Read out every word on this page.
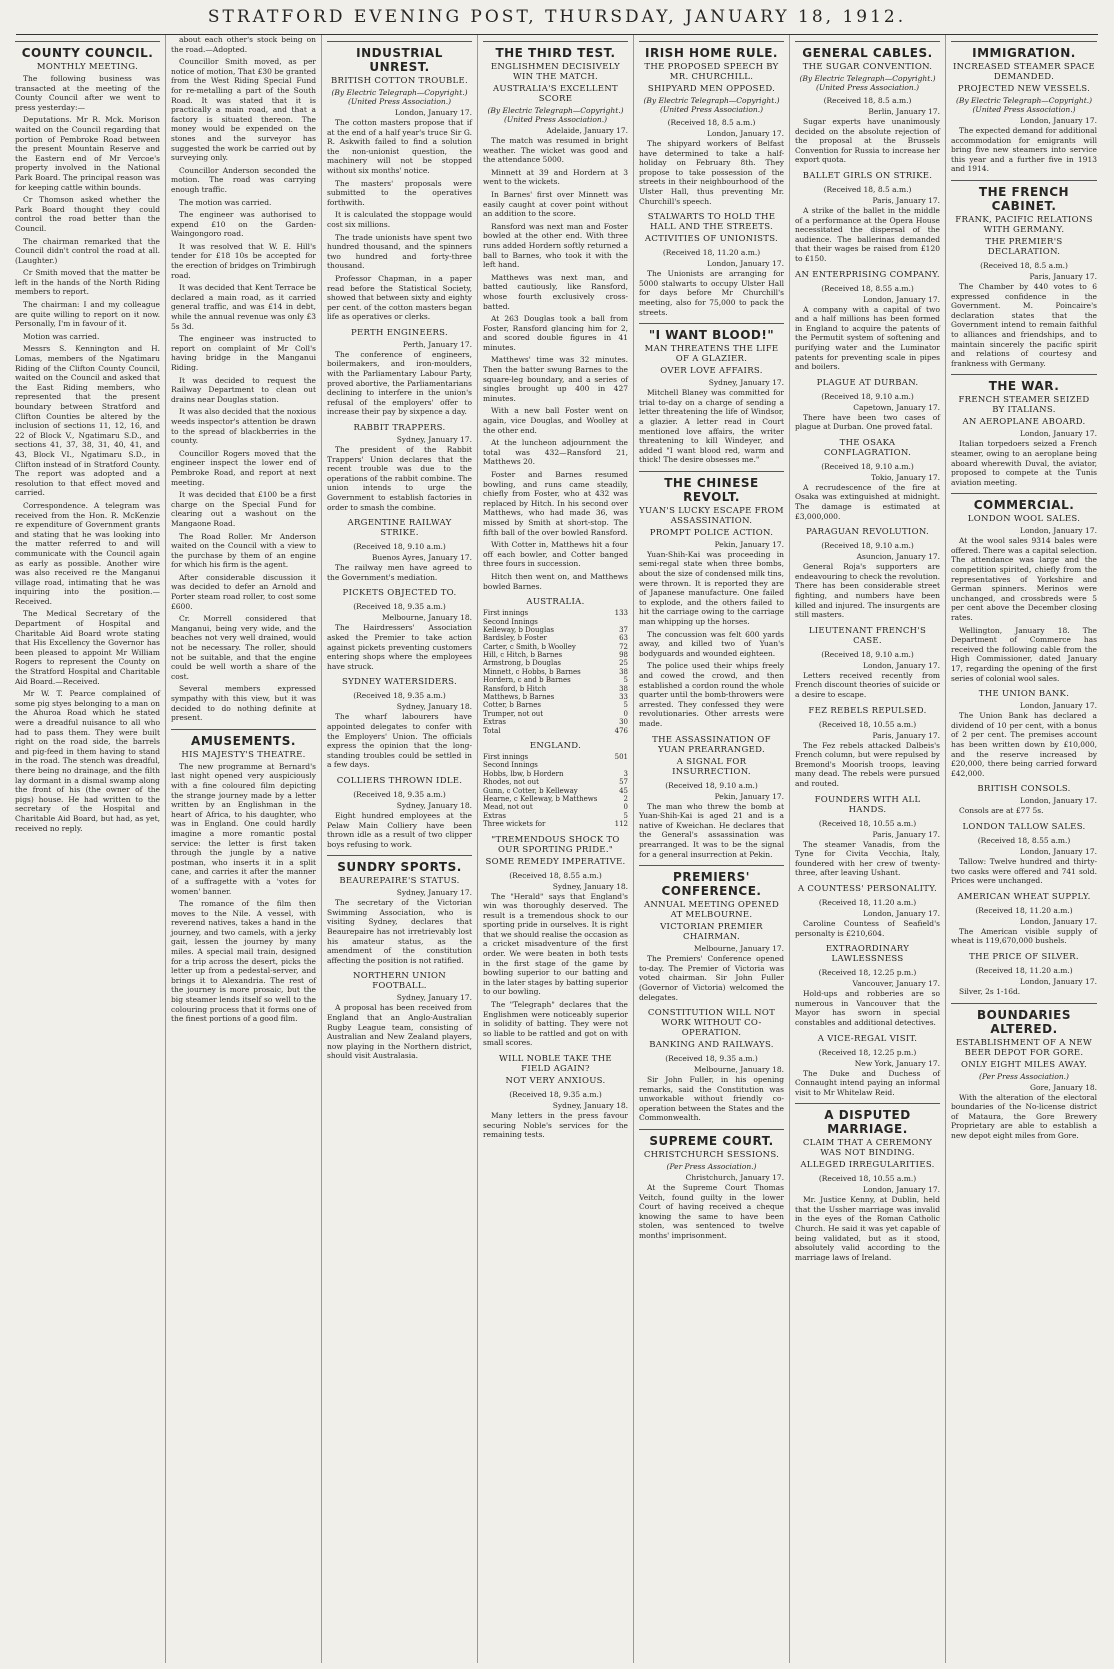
STRATFORD EVENING POST, THURSDAY, JANUARY 18, 1912.
COUNTY COUNCIL.
MONTHLY MEETING.

The following business was transacted at the meeting of the County Council after we went to press yesterday:—

Deputations. Mr R. Mck. Morison waited on the Council regarding that portion of Pembroke Road between the present Mountain Reserve and the Eastern end of Mr Vercoe's property involved in the National Park Board. The principal reason was for keeping cattle within bounds.

Cr Thomson asked whether the Park Board thought they could control the road better than the Council.

The chairman remarked that the Council didn't control the road at all. (Laughter.)

Cr Smith moved that the matter be left in the hands of the North Riding members to report.

The chairman: I and my colleague are quite willing to report on it now. Personally, I'm in favour of it.

Motion was carried.

Messrs S. Kennington and H. Lomas, members of the Ngatimaru Riding of the Clifton County Council, waited on the Council and asked that the East Riding members, who represented that the present boundary between Stratford and Clifton Counties be altered by the inclusion of sections 11, 12, 16, and 22 of Block V., Ngatimaru S.D., and sections 41, 37, 38, 31, 40, 41, and 43, Block VI., Ngatimaru S.D., in Clifton instead of in Stratford County. The report was adopted and a resolution to that effect moved and carried.

Correspondence. A telegram was received from the Hon. R. McKenzie re expenditure of Government grants and stating that he was looking into the matter referred to and will communicate with the Council again as early as possible. Another wire was also received re the Manganui village road, intimating that he was inquiring into the position.—Received.

The Medical Secretary of the Department of Hospital and Charitable Aid Board wrote stating that His Excellency the Governor has been pleased to appoint Mr William Rogers to represent the County on the Stratford Hospital and Charitable Aid Board.—Received.

Mr W. T. Pearce complained of some pig styes belonging to a man on the Ahuroa Road which he stated were a dreadful nuisance to all who had to pass them. They were built right on the road side, the barrels and pig-feed in them having to stand in the road. The stench was dreadful, there being no drainage, and the filth lay dormant in a dismal swamp along the front of his (the owner of the pigs) house. He had written to the secretary of the Hospital and Charitable Aid Board, but had, as yet, received no reply.

about each other's stock being on the road.—Adopted.

Councillor Smith moved, as per notice of motion, That £30 be granted from the West Riding Special Fund for re-metalling a part of the South Road. It was stated that it is practically a main road, and that a factory is situated thereon. The money would be expended on the stones and the surveyor has suggested the work be carried out by surveying only.

Councillor Anderson seconded the motion. The road was carrying enough traffic.

The motion was carried.

The engineer was authorised to expend £10 on the Garden-Waingongoro road.

It was resolved that W. E. Hill's tender for £18 10s be accepted for the erection of bridges on Trimbirugh road.

It was decided that Kent Terrace be declared a main road, as it carried general traffic, and was £14 in debt, while the annual revenue was only £3 5s 3d.

The engineer was instructed to report on complaint of Mr Coll's having bridge in the Manganui Riding.

It was decided to request the Railway Department to clean out drains near Douglas station.

It was also decided that the noxious weeds inspector's attention be drawn to the spread of blackberries in the county.

Councillor Rogers moved that the engineer inspect the lower end of Pembroke Road, and report at next meeting.

It was decided that £100 be a first charge on the Special Fund for clearing out a washout on the Mangaone Road.

The Road Roller. Mr Anderson waited on the Council with a view to the purchase by them of an engine for which his firm is the agent.

After considerable discussion it was decided to defer an Arnold and Porter steam road roller, to cost some £600.

Cr. Morrell considered that Manganui, being very wide, and the beaches not very well drained, would not be necessary. The roller, should not be suitable, and that the engine could be well worth a share of the cost.

Several members expressed sympathy with this view, but it was decided to do nothing definite at present.

AMUSEMENTS.
HIS MAJESTY'S THEATRE.

The new programme at Bernard's last night opened very auspiciously with a fine coloured film depicting the strange journey made by a letter written by an Englishman in the heart of Africa, to his daughter, who was in England. One could hardly imagine a more romantic postal service: the letter is first taken through the jungle by a native postman, who inserts it in a split cane, and carries it after the manner of a suffragette with a 'votes for women' banner.

The romance of the film then moves to the Nile. A vessel, with reverend natives, takes a hand in the journey, and two camels, with a jerky gait, lessen the journey by many miles. A special mail train, designed for a trip across the desert, picks the letter up from a pedestal-server, and brings it to Alexandria. The rest of the journey is more prosaic, but the big steamer lends itself so well to the colouring process that it forms one of the finest portions of a good film.

INDUSTRIAL UNREST.
BRITISH COTTON TROUBLE.
(By Electric Telegraph—Copyright.) (United Press Association.)
London, January 17.

The cotton masters propose that if at the end of a half year's truce Sir G. R. Askwith failed to find a solution the non-unionist question, the machinery will not be stopped without six months' notice.

The masters' proposals were submitted to the operatives forthwith.

It is calculated the stoppage would cost six millions.

The trade unionists have spent two hundred thousand, and the spinners two hundred and forty-three thousand.

Professor Chapman, in a paper read before the Statistical Society, showed that between sixty and eighty per cent. of the cotton masters began life as operatives or clerks.

PERTH ENGINEERS.
Perth, January 17.

The conference of engineers, boilermakers, and iron-moulders, with the Parliamentary Labour Party, proved abortive, the Parliamentarians declining to interfere in the union's refusal of the employers' offer to increase their pay by sixpence a day.

RABBIT TRAPPERS.
Sydney, January 17.

The president of the Rabbit Trappers' Union declares that the recent trouble was due to the operations of the rabbit combine. The union intends to urge the Government to establish factories in order to smash the combine.

ARGENTINE RAILWAY STRIKE.
(Received 18, 9.10 a.m.)
Buenos Ayres, January 17.

The railway men have agreed to the Government's mediation.

PICKETS OBJECTED TO.
(Received 18, 9.35 a.m.)
Melbourne, January 18.

The Hairdressers' Association asked the Premier to take action against pickets preventing customers entering shops where the employees have struck.

SYDNEY WATERSIDERS.
(Received 18, 9.35 a.m.)
Sydney, January 18.

The wharf labourers have appointed delegates to confer with the Employers' Union. The officials express the opinion that the long-standing troubles could be settled in a few days.

COLLIERS THROWN IDLE.
(Received 18, 9.35 a.m.)
Sydney, January 18.

Eight hundred employees at the Pelaw Main Colliery have been thrown idle as a result of two clipper boys refusing to work.

SUNDRY SPORTS.
BEAUREPAIRE'S STATUS.
Sydney, January 17.

The secretary of the Victorian Swimming Association, who is visiting Sydney, declares that Beaurepaire has not irretrievably lost his amateur status, as the amendment of the constitution affecting the position is not ratified.

NORTHERN UNION FOOTBALL.
Sydney, January 17.

A proposal has been received from England that an Anglo-Australian Rugby League team, consisting of Australian and New Zealand players, now playing in the Northern district, should visit Australasia.

THE THIRD TEST.
ENGLISHMEN DECISIVELY WIN THE MATCH.
AUSTRALIA'S EXCELLENT SCORE
(By Electric Telegraph—Copyright.) (United Press Association.)
Adelaide, January 17.

The match was resumed in bright weather. The wicket was good and the attendance 5000.

Minnett at 39 and Hordern at 3 went to the wickets.

In Barnes' first over Minnett was easily caught at cover point without an addition to the score.

Ransford was next man and Foster bowled at the other end. With three runs added Hordern softly returned a ball to Barnes, who took it with the left hand.

Matthews was next man, and batted cautiously, like Ransford, whose fourth exclusively cross-batted.

At 263 Douglas took a ball from Foster, Ransford glancing him for 2, and scored double figures in 41 minutes.

Matthews' time was 32 minutes. Then the batter swung Barnes to the square-leg boundary, and a series of singles brought up 400 in 427 minutes.

With a new ball Foster went on again, vice Douglas, and Woolley at the other end.

At the luncheon adjournment the total was 432—Ransford 21, Matthews 20.

Foster and Barnes resumed bowling, and runs came steadily, chiefly from Foster, who at 432 was replaced by Hitch. In his second over Matthews, who had made 36, was missed by Smith at short-stop. The fifth ball of the over bowled Ransford.

With Cotter in, Matthews hit a four off each bowler, and Cotter banged three fours in succession.

Hitch then went on, and Matthews bowled Barnes.

AUSTRALIA.
First innings	133
Second Innings	
Kelleway, b Douglas	37
Bardsley, b Foster	63
Carter, c Smith, b Woolley	72
Hill, c Hitch, b Barnes	98
Armstrong, b Douglas	25
Minnett, c Hobbs, b Barnes	38
Hordern, c and b Barnes	5
Ransford, b Hitch	38
Matthews, b Barnes	33
Cotter, b Barnes	5
Trumper, not out	0
Extras	30
Total	476
ENGLAND.
First innings	501
Second Innings	
Hobbs, lbw, b Hordern	3
Rhodes, not out	57
Gunn, c Cotter, b Kelleway	45
Hearne, c Kelleway, b Matthews	2
Mead, not out	0
Extras	5
Three wickets for	112
"TREMENDOUS SHOCK TO OUR SPORTING PRIDE."
SOME REMEDY IMPERATIVE.
(Received 18, 8.55 a.m.)
Sydney, January 18.

The "Herald" says that England's win was thoroughly deserved. The result is a tremendous shock to our sporting pride in ourselves. It is right that we should realise the occasion as a cricket misadventure of the first order. We were beaten in both tests in the first stage of the game by bowling superior to our batting and in the later stages by batting superior to our bowling.

The "Telegraph" declares that the Englishmen were noticeably superior in solidity of batting. They were not so liable to be rattled and got on with small scores.

WILL NOBLE TAKE THE FIELD AGAIN?
NOT VERY ANXIOUS.
(Received 18, 9.35 a.m.)
Sydney, January 18.

Many letters in the press favour securing Noble's services for the remaining tests.

IRISH HOME RULE.
THE PROPOSED SPEECH BY MR. CHURCHILL.
SHIPYARD MEN OPPOSED.
(By Electric Telegraph—Copyright.) (United Press Association.)
(Received 18, 8.5 a.m.)
London, January 17.

The shipyard workers of Belfast have determined to take a half-holiday on February 8th. They propose to take possession of the streets in their neighbourhood of the Ulster Hall, thus preventing Mr. Churchill's speech.

STALWARTS TO HOLD THE HALL AND THE STREETS.
ACTIVITIES OF UNIONISTS.
(Received 18, 11.20 a.m.)
London, January 17.

The Unionists are arranging for 5000 stalwarts to occupy Ulster Hall for days before Mr Churchill's meeting, also for 75,000 to pack the streets.

"I WANT BLOOD!"
MAN THREATENS THE LIFE OF A GLAZIER.
OVER LOVE AFFAIRS.
Sydney, January 17.

Mitchell Blaney was committed for trial to-day on a charge of sending a letter threatening the life of Windsor, a glazier. A letter read in Court mentioned love affairs, the writer threatening to kill Windeyer, and added "I want blood red, warm and thick! The desire obsesses me."

THE CHINESE REVOLT.
YUAN'S LUCKY ESCAPE FROM ASSASSINATION.
PROMPT POLICE ACTION.
Pekin, January 17.

Yuan-Shih-Kai was proceeding in semi-regal state when three bombs, about the size of condensed milk tins, were thrown. It is reported they are of Japanese manufacture. One failed to explode, and the others failed to hit the carriage owing to the carriage man whipping up the horses.

The concussion was felt 600 yards away, and killed two of Yuan's bodyguards and wounded eighteen.

The police used their whips freely and cowed the crowd, and then established a cordon round the whole quarter until the bomb-throwers were arrested. They confessed they were revolutionaries. Other arrests were made.

THE ASSASSINATION OF YUAN PREARRANGED.
A SIGNAL FOR INSURRECTION.
(Received 18, 9.10 a.m.)
Pekin, January 17.

The man who threw the bomb at Yuan-Shih-Kai is aged 21 and is a native of Kweichan. He declares that the General's assassination was prearranged. It was to be the signal for a general insurrection at Pekin.

PREMIERS' CONFERENCE.
ANNUAL MEETING OPENED AT MELBOURNE.
VICTORIAN PREMIER CHAIRMAN.
Melbourne, January 17.

The Premiers' Conference opened to-day. The Premier of Victoria was voted chairman. Sir John Fuller (Governor of Victoria) welcomed the delegates.

CONSTITUTION WILL NOT WORK WITHOUT CO-OPERATION.
BANKING AND RAILWAYS.
(Received 18, 9.35 a.m.)
Melbourne, January 18.

Sir John Fuller, in his opening remarks, said the Constitution was unworkable without friendly co-operation between the States and the Commonwealth.

SUPREME COURT.
CHRISTCHURCH SESSIONS.
(Per Press Association.)
Christchurch, January 17.

At the Supreme Court Thomas Veitch, found guilty in the lower Court of having received a cheque knowing the same to have been stolen, was sentenced to twelve months' imprisonment.

GENERAL CABLES.
THE SUGAR CONVENTION.
(By Electric Telegraph—Copyright.) (United Press Association.)
(Received 18, 8.5 a.m.)
Berlin, January 17.

Sugar experts have unanimously decided on the absolute rejection of the proposal at the Brussels Convention for Russia to increase her export quota.

BALLET GIRLS ON STRIKE.
(Received 18, 8.5 a.m.)
Paris, January 17.

A strike of the ballet in the middle of a performance at the Opera House necessitated the dispersal of the audience. The ballerinas demanded that their wages be raised from £120 to £150.

AN ENTERPRISING COMPANY.
(Received 18, 8.55 a.m.)
London, January 17.

A company with a capital of two and a half millions has been formed in England to acquire the patents of the Permutit system of softening and purifying water and the Luminator patents for preventing scale in pipes and boilers.

PLAGUE AT DURBAN.
(Received 18, 9.10 a.m.)
Capetown, January 17.

There have been two cases of plague at Durban. One proved fatal.

THE OSAKA CONFLAGRATION.
(Received 18, 9.10 a.m.)
Tokio, January 17.

A recrudescence of the fire at Osaka was extinguished at midnight. The damage is estimated at £3,000,000.

PARAGUAN REVOLUTION.
(Received 18, 9.10 a.m.)
Asuncion, January 17.

General Roja's supporters are endeavouring to check the revolution. There has been considerable street fighting, and numbers have been killed and injured. The insurgents are still masters.

LIEUTENANT FRENCH'S CASE.
(Received 18, 9.10 a.m.)
London, January 17.

Letters received recently from French discount theories of suicide or a desire to escape.

FEZ REBELS REPULSED.
(Received 18, 10.55 a.m.)
Paris, January 17.

The Fez rebels attacked Dalbeis's French column, but were repulsed by Bremond's Moorish troops, leaving many dead. The rebels were pursued and routed.

FOUNDERS WITH ALL HANDS.
(Received 18, 10.55 a.m.)
Paris, January 17.

The steamer Vanadis, from the Tyne for Civita Vecchia, Italy, foundered with her crew of twenty-three, after leaving Ushant.

A COUNTESS' PERSONALITY.
(Received 18, 11.20 a.m.)
London, January 17.

Caroline Countess of Seafield's personalty is £210,604.

EXTRAORDINARY LAWLESSNESS
(Received 18, 12.25 p.m.)
Vancouver, January 17.

Hold-ups and robberies are so numerous in Vancouver that the Mayor has sworn in special constables and additional detectives.

A VICE-REGAL VISIT.
(Received 18, 12.25 p.m.)
New York, January 17.

The Duke and Duchess of Connaught intend paying an informal visit to Mr Whitelaw Reid.

A DISPUTED MARRIAGE.
CLAIM THAT A CEREMONY WAS NOT BINDING.
ALLEGED IRREGULARITIES.
(Received 18, 10.55 a.m.)
London, January 17.

Mr. Justice Kenny, at Dublin, held that the Ussher marriage was invalid in the eyes of the Roman Catholic Church. He said it was yet capable of being validated, but as it stood, absolutely valid according to the marriage laws of Ireland.

IMMIGRATION.
INCREASED STEAMER SPACE DEMANDED.
PROJECTED NEW VESSELS.
(By Electric Telegraph—Copyright.) (United Press Association.)
London, January 17.

The expected demand for additional accommodation for emigrants will bring five new steamers into service this year and a further five in 1913 and 1914.

THE FRENCH CABINET.
FRANK, PACIFIC RELATIONS WITH GERMANY.
THE PREMIER'S DECLARATION.
(Received 18, 8.5 a.m.)
Paris, January 17.

The Chamber by 440 votes to 6 expressed confidence in the Government. M. Poincaire's declaration states that the Government intend to remain faithful to alliances and friendships, and to maintain sincerely the pacific spirit and relations of courtesy and frankness with Germany.

THE WAR.
FRENCH STEAMER SEIZED BY ITALIANS.
AN AEROPLANE ABOARD.
London, January 17.

Italian torpedoers seized a French steamer, owing to an aeroplane being aboard wherewith Duval, the aviator, proposed to compete at the Tunis aviation meeting.

COMMERCIAL.
LONDON WOOL SALES.
London, January 17.

At the wool sales 9314 bales were offered. There was a capital selection. The attendance was large and the competition spirited, chiefly from the representatives of Yorkshire and German spinners. Merinos were unchanged, and crossbreds were 5 per cent above the December closing rates.

Wellington, January 18. The Department of Commerce has received the following cable from the High Commissioner, dated January 17, regarding the opening of the first series of colonial wool sales.

THE UNION BANK.
London, January 17.

The Union Bank has declared a dividend of 10 per cent, with a bonus of 2 per cent. The premises account has been written down by £10,000, and the reserve increased by £20,000, there being carried forward £42,000.

BRITISH CONSOLS.
London, January 17.

Consols are at £77 5s.

LONDON TALLOW SALES.
(Received 18, 8.55 a.m.)
London, January 17.

Tallow: Twelve hundred and thirty-two casks were offered and 741 sold. Prices were unchanged.

AMERICAN WHEAT SUPPLY.
(Received 18, 11.20 a.m.)
London, January 17.

The American visible supply of wheat is 119,670,000 bushels.

THE PRICE OF SILVER.
(Received 18, 11.20 a.m.)
London, January 17.

Silver, 2s 1-16d.

BOUNDARIES ALTERED.
ESTABLISHMENT OF A NEW BEER DEPOT FOR GORE.
ONLY EIGHT MILES AWAY.
(Per Press Association.)
Gore, January 18.

With the alteration of the electoral boundaries of the No-license district of Mataura, the Gore Brewery Proprietary are able to establish a new depot eight miles from Gore.
